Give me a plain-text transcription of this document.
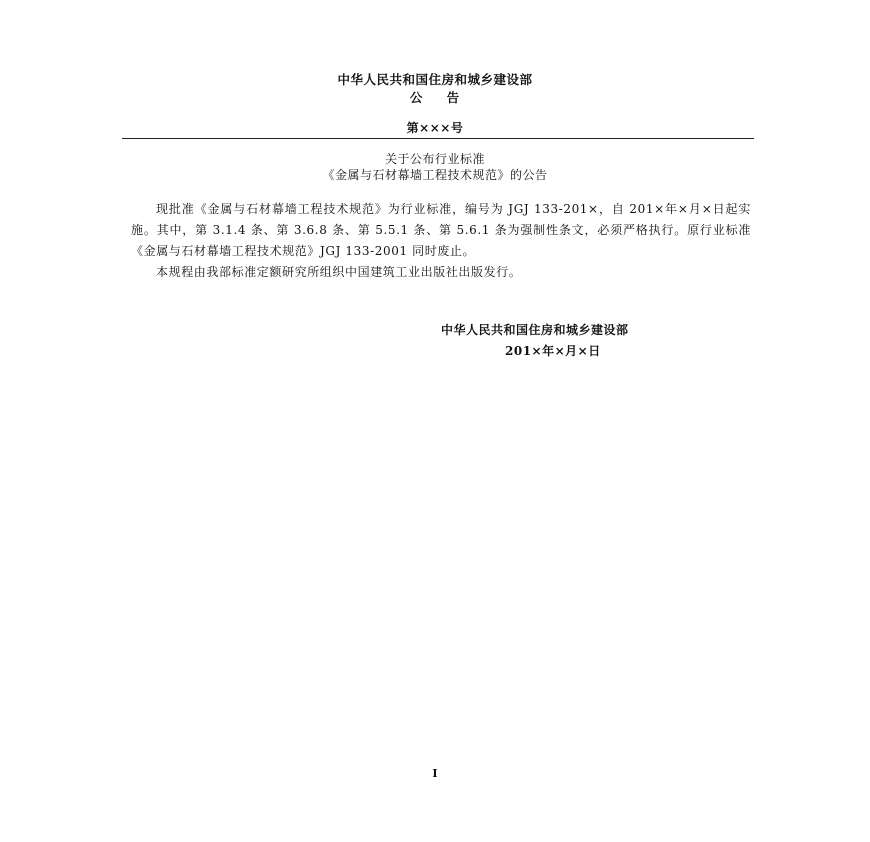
中华人民共和国住房和城乡建设部
公 告
第×××号
关于公布行业标准
《金属与石材幕墙工程技术规范》的公告

现批准《金属与石材幕墙工程技术规范》为行业标准，编号为 JGJ 133-201×，自 201×年×月×日起实施。其中，第 3.1.4 条、第 3.6.8 条、第 5.5.1 条、第 5.6.1 条为强制性条文，必须严格执行。原行业标准《金属与石材幕墙工程技术规范》JGJ 133-2001 同时废止。

本规程由我部标准定额研究所组织中国建筑工业出版社出版发行。

中华人民共和国住房和城乡建设部
201×年×月×日
I
